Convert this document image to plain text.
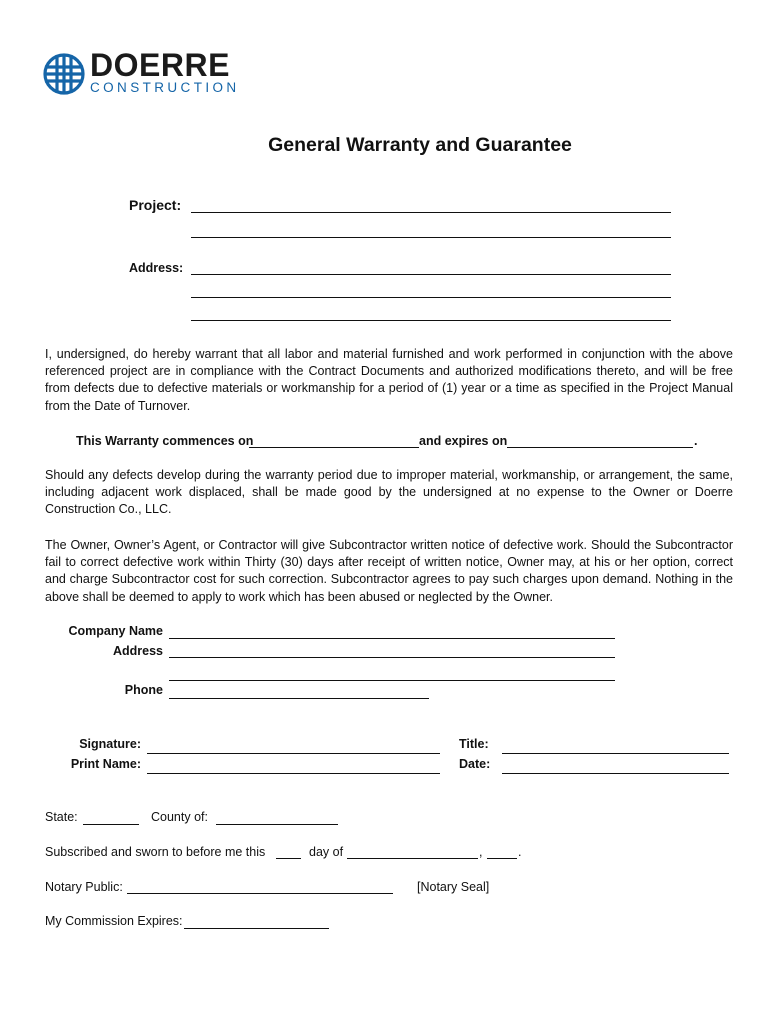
DOERRE
CONSTRUCTION
General Warranty and Guarantee
Project:
Address:

I, undersigned, do hereby warrant that all labor and material furnished and work performed in conjunction with the above referenced project are in compliance with the Contract Documents and authorized modifications thereto, and will be free from defects due to defective materials or workmanship for a period of (1) year or a time as specified in the Project Manual from the Date of Turnover.

This Warranty commences on	and expires on	.

Should any defects develop during the warranty period due to improper material, workmanship, or arrangement, the same, including adjacent work displaced, shall be made good by the undersigned at no expense to the Owner or Doerre Construction Co., LLC.

The Owner, Owner’s Agent, or Contractor will give Subcontractor written notice of defective work. Should the Subcontractor fail to correct defective work within Thirty (30) days after receipt of written notice, Owner may, at his or her option, correct and charge Subcontractor cost for such correction. Subcontractor agrees to pay such charges upon demand. Nothing in the above shall be deemed to apply to work which has been abused or neglected by the Owner.

Company Name
Address
Phone
Signature:
Print Name:
Title:
Date:
State:	County of:
Subscribed and sworn to before me this	day of	,	.
Notary Public:	[Notary Seal]
My Commission Expires:
